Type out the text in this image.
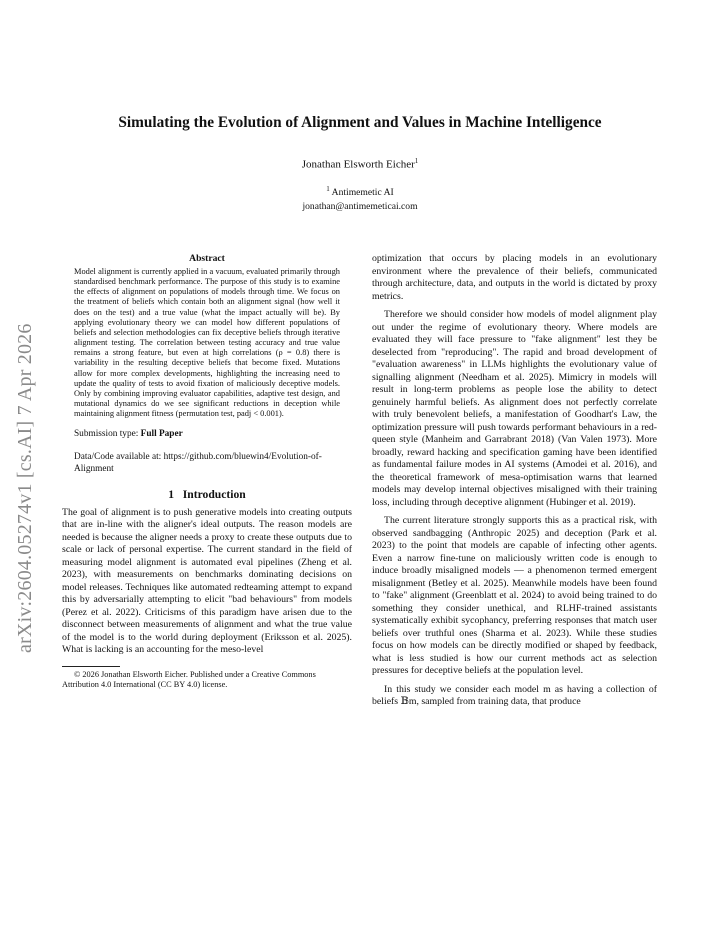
Simulating the Evolution of Alignment and Values in Machine Intelligence
Jonathan Elsworth Eicher$^1$
$^1$ Antimemetic AI
jonathan@antimemeticai.com
arXiv:2604.05274v1 [cs.AI] 7 Apr 2026
Abstract
Model alignment is currently applied in a vacuum, evaluated primarily through standardised benchmark performance. The purpose of this study is to examine the effects of alignment on populations of models through time. We focus on the treatment of beliefs which contain both an alignment signal (how well it does on the test) and a true value (what the impact actually will be). By applying evolutionary theory we can model how different populations of beliefs and selection methodologies can fix deceptive beliefs through iterative alignment testing. The correlation between testing accuracy and true value remains a strong feature, but even at high correlations (ρ = 0.8) there is variability in the resulting deceptive beliefs that become fixed. Mutations allow for more complex developments, highlighting the increasing need to update the quality of tests to avoid fixation of maliciously deceptive models. Only by combining improving evaluator capabilities, adaptive test design, and mutational dynamics do we see significant reductions in deception while maintaining alignment fitness (permutation test, padj < 0.001).
Submission type: Full Paper
Data/Code available at: https://github.com/bluewin4/Evolution-of-Alignment
1 Introduction

The goal of alignment is to push generative models into creating outputs that are in-line with the aligner's ideal outputs. The reason models are needed is because the aligner needs a proxy to create these outputs due to scale or lack of personal expertise. The current standard in the field of measuring model alignment is automated eval pipelines (Zheng et al. 2023), with measurements on benchmarks dominating decisions on model releases. Techniques like automated redteaming attempt to expand this by adversarially attempting to elicit "bad behaviours" from models (Perez et al. 2022). Criticisms of this paradigm have arisen due to the disconnect between measurements of alignment and what the true value of the model is to the world during deployment (Eriksson et al. 2025). What is lacking is an accounting for the meso-level

© 2026 Jonathan Elsworth Eicher. Published under a Creative Commons Attribution 4.0 International (CC BY 4.0) license.

optimization that occurs by placing models in an evolutionary environment where the prevalence of their beliefs, communicated through architecture, data, and outputs in the world is dictated by proxy metrics.

Therefore we should consider how models of model alignment play out under the regime of evolutionary theory. Where models are evaluated they will face pressure to "fake alignment" lest they be deselected from "reproducing". The rapid and broad development of "evaluation awareness" in LLMs highlights the evolutionary value of signalling alignment (Needham et al. 2025). Mimicry in models will result in long-term problems as people lose the ability to detect genuinely harmful beliefs. As alignment does not perfectly correlate with truly benevolent beliefs, a manifestation of Goodhart's Law, the optimization pressure will push towards performant behaviours in a red-queen style (Manheim and Garrabrant 2018) (Van Valen 1973). More broadly, reward hacking and specification gaming have been identified as fundamental failure modes in AI systems (Amodei et al. 2016), and the theoretical framework of mesa-optimisation warns that learned models may develop internal objectives misaligned with their training loss, including through deceptive alignment (Hubinger et al. 2019).

The current literature strongly supports this as a practical risk, with observed sandbagging (Anthropic 2025) and deception (Park et al. 2023) to the point that models are capable of infecting other agents. Even a narrow fine-tune on maliciously written code is enough to induce broadly misaligned models — a phenomenon termed emergent misalignment (Betley et al. 2025). Meanwhile models have been found to "fake" alignment (Greenblatt et al. 2024) to avoid being trained to do something they consider unethical, and RLHF-trained assistants systematically exhibit sycophancy, preferring responses that match user beliefs over truthful ones (Sharma et al. 2023). While these studies focus on how models can be directly modified or shaped by feedback, what is less studied is how our current methods act as selection pressures for deceptive beliefs at the population level.

In this study we consider each model m as having a collection of beliefs 𝔹m, sampled from training data, that produce
